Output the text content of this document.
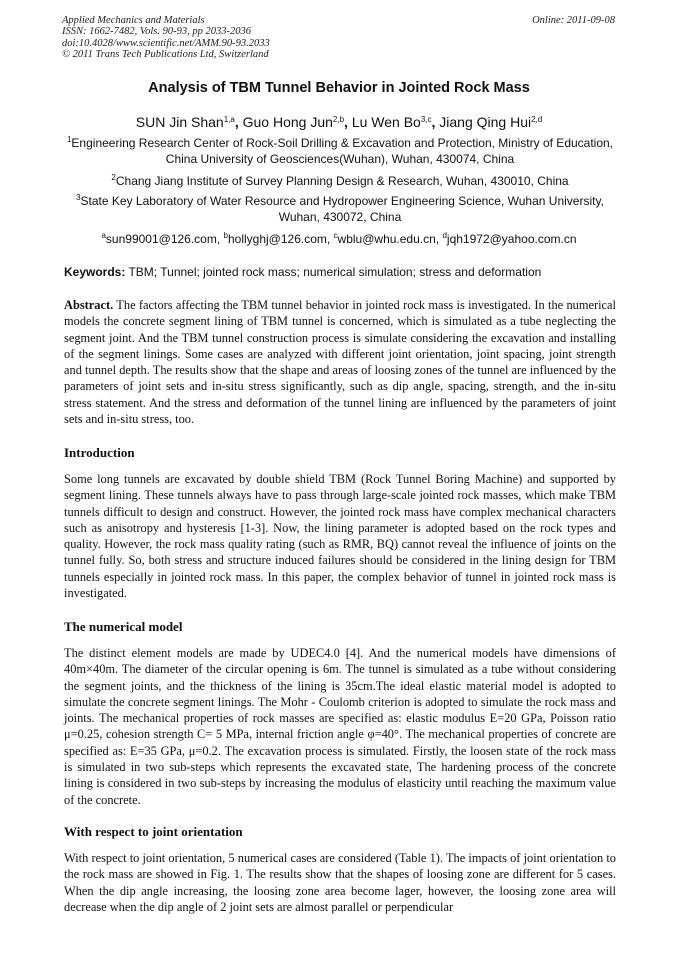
Applied Mechanics and Materials
ISSN: 1662-7482, Vols. 90-93, pp 2033-2036
doi:10.4028/www.scientific.net/AMM.90-93.2033
© 2011 Trans Tech Publications Ltd, Switzerland
Online: 2011-09-08
Analysis of TBM Tunnel Behavior in Jointed Rock Mass
SUN Jin Shan$^{1,a}$, Guo Hong Jun$^{2,b}$, Lu Wen Bo$^{3,c}$, Jiang Qing Hui$^{2,d}$
$^1$Engineering Research Center of Rock-Soil Drilling & Excavation and Protection, Ministry of Education, China University of Geosciences(Wuhan), Wuhan, 430074, China
$^2$Chang Jiang Institute of Survey Planning Design & Research, Wuhan, 430010, China
$^3$State Key Laboratory of Water Resource and Hydropower Engineering Science, Wuhan University, Wuhan, 430072, China
$^a$sun99001@126.com, $^b$hollyghj@126.com, $^c$wblu@whu.edu.cn, $^d$jqh1972@yahoo.com.cn
Keywords: TBM; Tunnel; jointed rock mass; numerical simulation; stress and deformation
Abstract. The factors affecting the TBM tunnel behavior in jointed rock mass is investigated. In the numerical models the concrete segment lining of TBM tunnel is concerned, which is simulated as a tube neglecting the segment joint. And the TBM tunnel construction process is simulate considering the excavation and installing of the segment linings. Some cases are analyzed with different joint orientation, joint spacing, joint strength and tunnel depth. The results show that the shape and areas of loosing zones of the tunnel are influenced by the parameters of joint sets and in-situ stress significantly, such as dip angle, spacing, strength, and the in-situ stress statement. And the stress and deformation of the tunnel lining are influenced by the parameters of joint sets and in-situ stress, too.
Introduction
Some long tunnels are excavated by double shield TBM (Rock Tunnel Boring Machine) and supported by segment lining. These tunnels always have to pass through large-scale jointed rock masses, which make TBM tunnels difficult to design and construct. However, the jointed rock mass have complex mechanical characters such as anisotropy and hysteresis [1-3]. Now, the lining parameter is adopted based on the rock types and quality. However, the rock mass quality rating (such as RMR, BQ) cannot reveal the influence of joints on the tunnel fully. So, both stress and structure induced failures should be considered in the lining design for TBM tunnels especially in jointed rock mass. In this paper, the complex behavior of tunnel in jointed rock mass is investigated.
The numerical model
The distinct element models are made by UDEC4.0 [4]. And the numerical models have dimensions of 40m×40m. The diameter of the circular opening is 6m. The tunnel is simulated as a tube without considering the segment joints, and the thickness of the lining is 35cm.The ideal elastic material model is adopted to simulate the concrete segment linings. The Mohr - Coulomb criterion is adopted to simulate the rock mass and joints. The mechanical properties of rock masses are specified as: elastic modulus E=20 GPa, Poisson ratio μ=0.25, cohesion strength C= 5 MPa, internal friction angle φ=40°. The mechanical properties of concrete are specified as: E=35 GPa, μ=0.2. The excavation process is simulated. Firstly, the loosen state of the rock mass is simulated in two sub-steps which represents the excavated state, The hardening process of the concrete lining is considered in two sub-steps by increasing the modulus of elasticity until reaching the maximum value of the concrete.
With respect to joint orientation
With respect to joint orientation, 5 numerical cases are considered (Table 1). The impacts of joint orientation to the rock mass are showed in Fig. 1. The results show that the shapes of loosing zone are different for 5 cases. When the dip angle increasing, the loosing zone area become lager, however, the loosing zone area will decrease when the dip angle of 2 joint sets are almost parallel or perpendicular
